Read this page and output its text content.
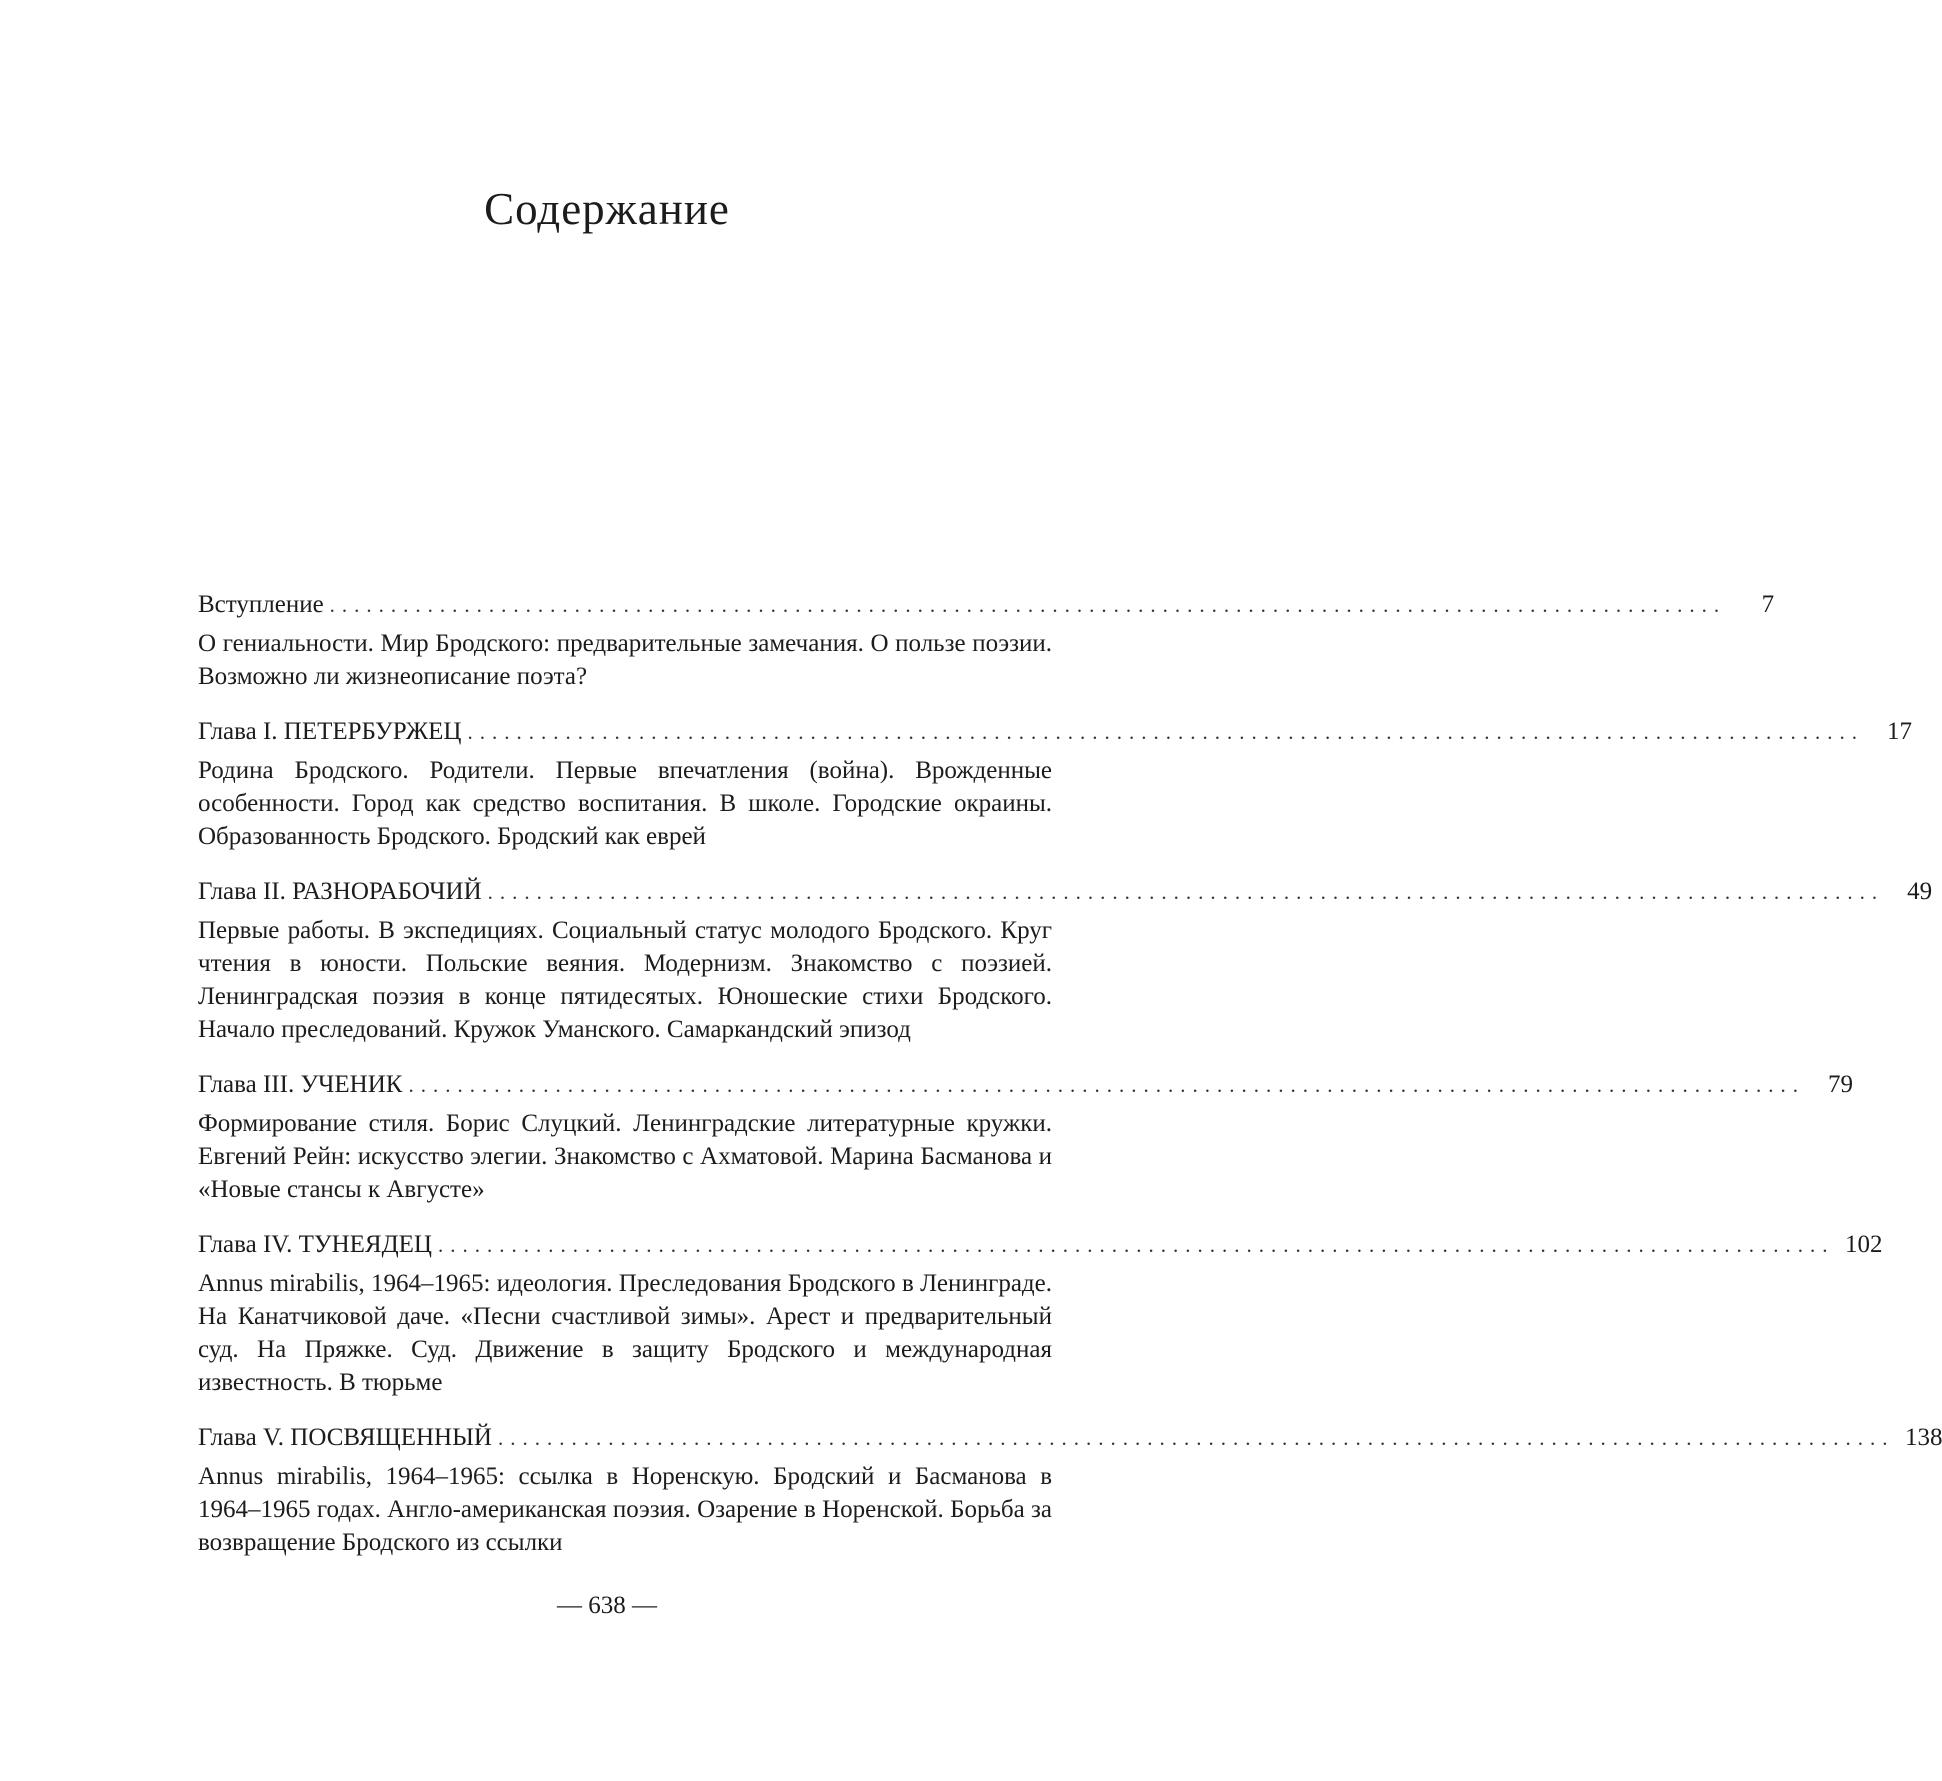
Содержание
Вступление ..................................................................................................................	7
О гениальности. Мир Бродского: предварительные замечания. О пользе поэзии. Возможно ли жизнеописание поэта?
Глава I. ПЕТЕРБУРЖЕЦ .................................................................................................................. 17
Родина Бродского. Родители. Первые впечатления (война). Врожденные особенности. Город как средство воспитания. В школе. Городские окраины. Образованность Бродского. Бродский как еврей
Глава II. РАЗНОРАБОЧИЙ .................................................................................................................. 49
Первые работы. В экспедициях. Социальный статус молодого Бродского. Круг чтения в юности. Польские веяния. Модернизм. Знакомство с поэзией. Ленинградская поэзия в конце пятидесятых. Юношеские стихи Бродского. Начало преследований. Кружок Уманского. Самаркандский эпизод
Глава III. УЧЕНИК .................................................................................................................. 79
Формирование стиля. Борис Слуцкий. Ленинградские литературные кружки. Евгений Рейн: искусство элегии. Знакомство с Ахматовой. Марина Басманова и «Новые стансы к Августе»
Глава IV. ТУНЕЯДЕЦ .................................................................................................................. 102
Annus mirabilis, 1964–1965: идеология. Преследования Бродского в Ленинграде. На Канатчиковой даче. «Песни счастливой зимы». Арест и предварительный суд. На Пряжке. Суд. Движение в защиту Бродского и международная известность. В тюрьме
Глава V. ПОСВЯЩЕННЫЙ .................................................................................................................. 138
Annus mirabilis, 1964–1965: ссылка в Норенскую. Бродский и Басманова в 1964–1965 годах. Англо-американская поэзия. Озарение в Норенской. Борьба за возвращение Бродского из ссылки
— 638 —
